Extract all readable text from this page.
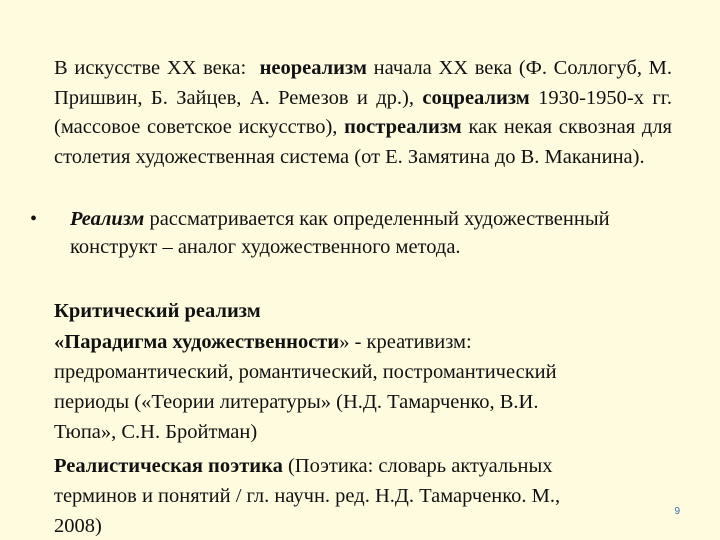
В искусстве XX века: неореализм начала XX века (Ф. Соллогуб, М. Пришвин, Б. Зайцев, А. Ремезов и др.), соцреализм 1930-1950-х гг. (массовое советское искусство), постреализм как некая сквозная для столетия художественная система (от Е. Замятина до В. Маканина).

• Реализм рассматривается как определенный художественный конструкт – аналог художественного метода.

Критический реализм

«Парадигма художественности» - креативизм:

предромантический, романтический, постромантический

периоды («Теории литературы» (Н.Д. Тамарченко, В.И.

Тюпа», С.Н. Бройтман)

Реалистическая поэтика (Поэтика: словарь актуальных

терминов и понятий / гл. научн. ред. Н.Д. Тамарченко. М.,

2008)

9
